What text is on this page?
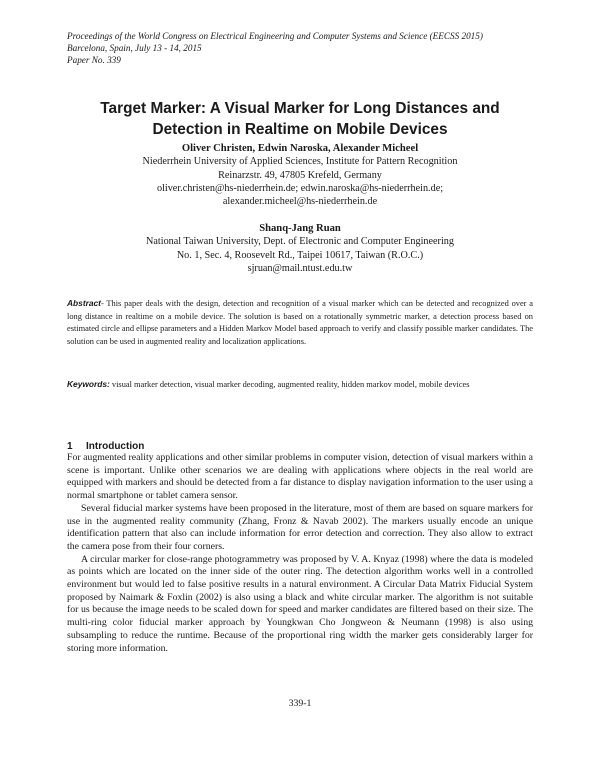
Proceedings of the World Congress on Electrical Engineering and Computer Systems and Science (EECSS 2015)
Barcelona, Spain, July 13 - 14, 2015
Paper No. 339
Target Marker: A Visual Marker for Long Distances and
Detection in Realtime on Mobile Devices
Oliver Christen, Edwin Naroska, Alexander Micheel
Niederrhein University of Applied Sciences, Institute for Pattern Recognition
Reinarzstr. 49, 47805 Krefeld, Germany
oliver.christen@hs-niederrhein.de; edwin.naroska@hs-niederrhein.de;
alexander.micheel@hs-niederrhein.de
Shanq-Jang Ruan
National Taiwan University, Dept. of Electronic and Computer Engineering
No. 1, Sec. 4, Roosevelt Rd., Taipei 10617, Taiwan (R.O.C.)
sjruan@mail.ntust.edu.tw
Abstract- This paper deals with the design, detection and recognition of a visual marker which can be detected and recognized over a long distance in realtime on a mobile device. The solution is based on a rotationally symmetric marker, a detection process based on estimated circle and ellipse parameters and a Hidden Markov Model based approach to verify and classify possible marker candidates. The solution can be used in augmented reality and localization applications.
Keywords: visual marker detection, visual marker decoding, augmented reality, hidden markov model, mobile devices
1 Introduction

For augmented reality applications and other similar problems in computer vision, detection of visual markers within a scene is important. Unlike other scenarios we are dealing with applications where objects in the real world are equipped with markers and should be detected from a far distance to display navigation information to the user using a normal smartphone or tablet camera sensor.

Several fiducial marker systems have been proposed in the literature, most of them are based on square markers for use in the augmented reality community (Zhang, Fronz & Navab 2002). The markers usually encode an unique identification pattern that also can include information for error detection and correction. They also allow to extract the camera pose from their four corners.

A circular marker for close-range photogrammetry was proposed by V. A. Knyaz (1998) where the data is modeled as points which are located on the inner side of the outer ring. The detection algorithm works well in a controlled environment but would led to false positive results in a natural environment. A Circular Data Matrix Fiducial System proposed by Naimark & Foxlin (2002) is also using a black and white circular marker. The algorithm is not suitable for us because the image needs to be scaled down for speed and marker candidates are filtered based on their size. The multi-ring color fiducial marker approach by Youngkwan Cho Jongweon & Neumann (1998) is also using subsampling to reduce the runtime. Because of the proportional ring width the marker gets considerably larger for storing more information.

339-1
